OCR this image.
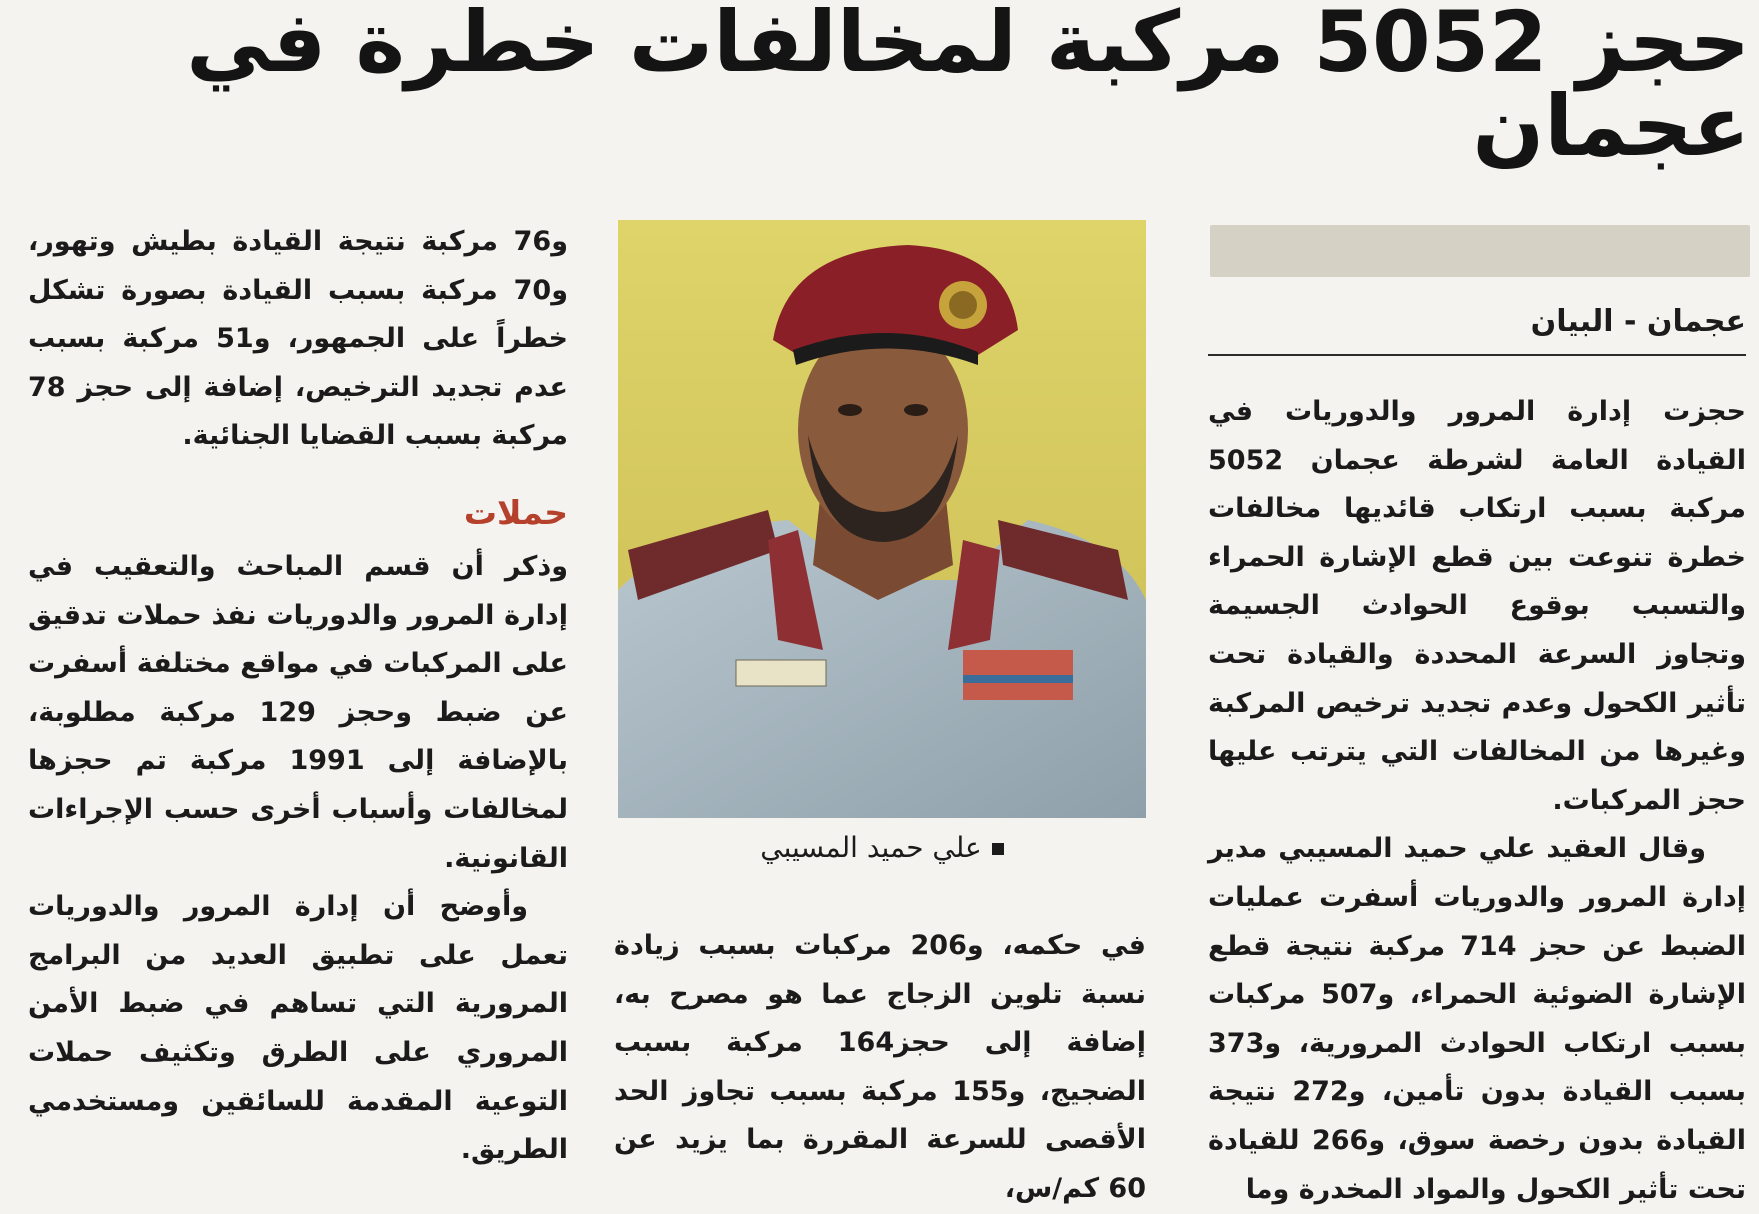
حجز 5052 مركبة لمخالفات خطرة في عجمان
عجمان - البيان

حجزت إدارة المرور والدوريات في القيادة العامة لشرطة عجمان 5052 مركبة بسبب ارتكاب قائديها مخالفات خطرة تنوعت بين قطع الإشارة الحمراء والتسبب بوقوع الحوادث الجسيمة وتجاوز السرعة المحددة والقيادة تحت تأثير الكحول وعدم تجديد ترخيص المركبة وغيرها من المخالفات التي يترتب عليها حجز المركبات.

وقال العقيد علي حميد المسيبي مدير إدارة المرور والدوريات أسفرت عمليات الضبط عن حجز 714 مركبة نتيجة قطع الإشارة الضوئية الحمراء، و507 مركبات بسبب ارتكاب الحوادث المرورية، و373 بسبب القيادة بدون تأمين، و272 نتيجة القيادة بدون رخصة سوق، و266 للقيادة تحت تأثير الكحول والمواد المخدرة وما

علي حميد المسيبي

في حكمه، و206 مركبات بسبب زيادة نسبة تلوين الزجاج عما هو مصرح به، إضافة إلى حجز164 مركبة بسبب الضجيج، و155 مركبة بسبب تجاوز الحد الأقصى للسرعة المقررة بما يزيد عن 60 كم/س،

و76 مركبة نتيجة القيادة بطيش وتهور، و70 مركبة بسبب القيادة بصورة تشكل خطراً على الجمهور، و51 مركبة بسبب عدم تجديد الترخيص، إضافة إلى حجز 78 مركبة بسبب القضايا الجنائية.

حملات

وذكر أن قسم المباحث والتعقيب في إدارة المرور والدوريات نفذ حملات تدقيق على المركبات في مواقع مختلفة أسفرت عن ضبط وحجز 129 مركبة مطلوبة، بالإضافة إلى 1991 مركبة تم حجزها لمخالفات وأسباب أخرى حسب الإجراءات القانونية.

وأوضح أن إدارة المرور والدوريات تعمل على تطبيق العديد من البرامج المرورية التي تساهم في ضبط الأمن المروري على الطرق وتكثيف حملات التوعية المقدمة للسائقين ومستخدمي الطريق.
